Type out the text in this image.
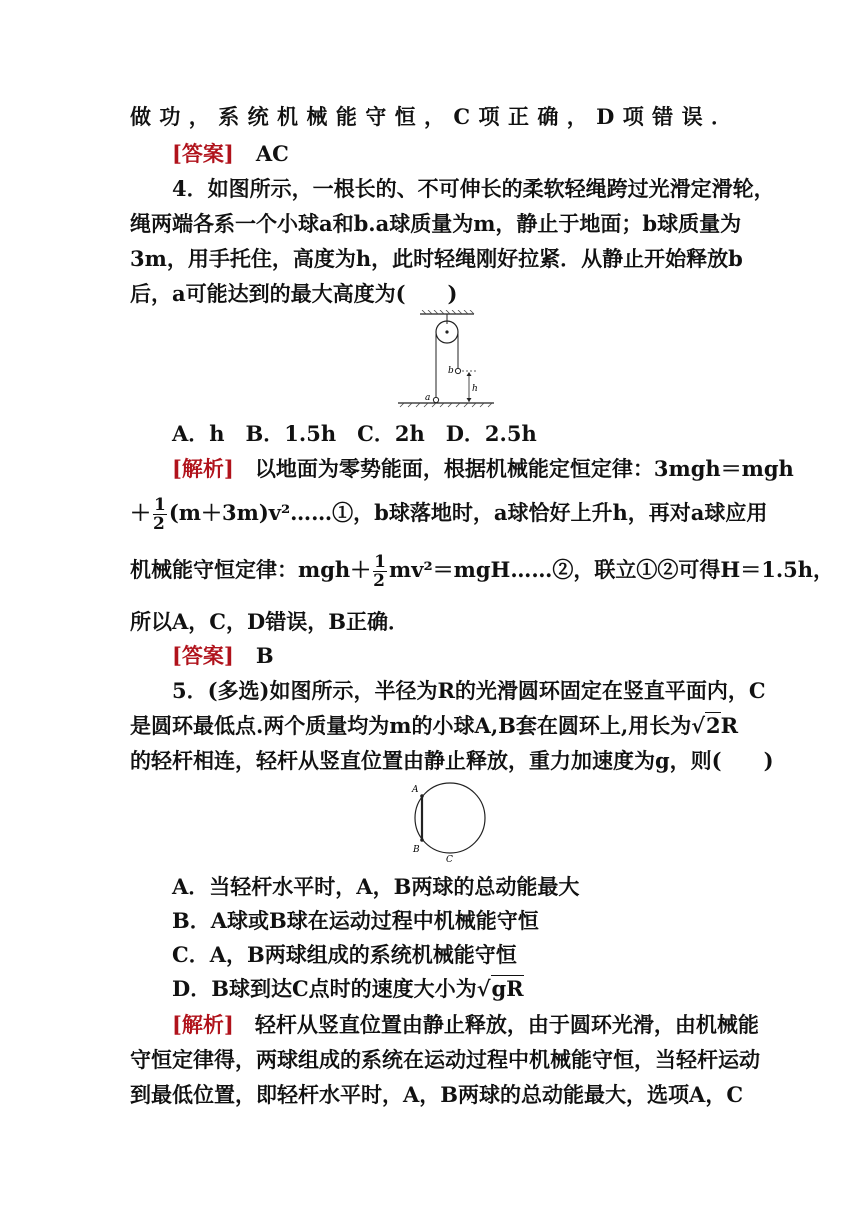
做功，系统机械能守恒，C项正确，D项错误．
[答案] AC
4．如图所示，一根长的、不可伸长的柔软轻绳跨过光滑定滑轮，
绳两端各系一个小球a和b.a球质量为m，静止于地面；b球质量为
3m，用手托住，高度为h，此时轻绳刚好拉紧．从静止开始释放b
后，a可能达到的最大高度为(　　)
b
a
h
A．h　B．1.5h　C．2h　D．2.5h
[解析]　以地面为零势能面，根据机械能定恒定律：3mgh＝mgh
＋ $\frac{1}{2}$ (m＋3m)v²……①，b球落地时，a球恰好上升h，再对a球应用
机械能守恒定律：$mgh+ \frac{1}{2}$ mv²＝mgH……②，联立①②可得H＝1.5h，
所以A，C，D错误，B正确．
[答案] B
5．(多选)如图所示，半径为R的光滑圆环固定在竖直平面内，C
是圆环最低点.两个质量均为m的小球A,B套在圆环上,用长为√2R
的轻杆相连，轻杆从竖直位置由静止释放，重力加速度为g，则(　　)
A
B
C
A．当轻杆水平时，A，B两球的总动能最大
B．A球或B球在运动过程中机械能守恒
C．A，B两球组成的系统机械能守恒
D．B球到达C点时的速度大小为√gR
[解析]　轻杆从竖直位置由静止释放，由于圆环光滑，由机械能
守恒定律得，两球组成的系统在运动过程中机械能守恒，当轻杆运动
到最低位置，即轻杆水平时，A，B两球的总动能最大，选项A，C
